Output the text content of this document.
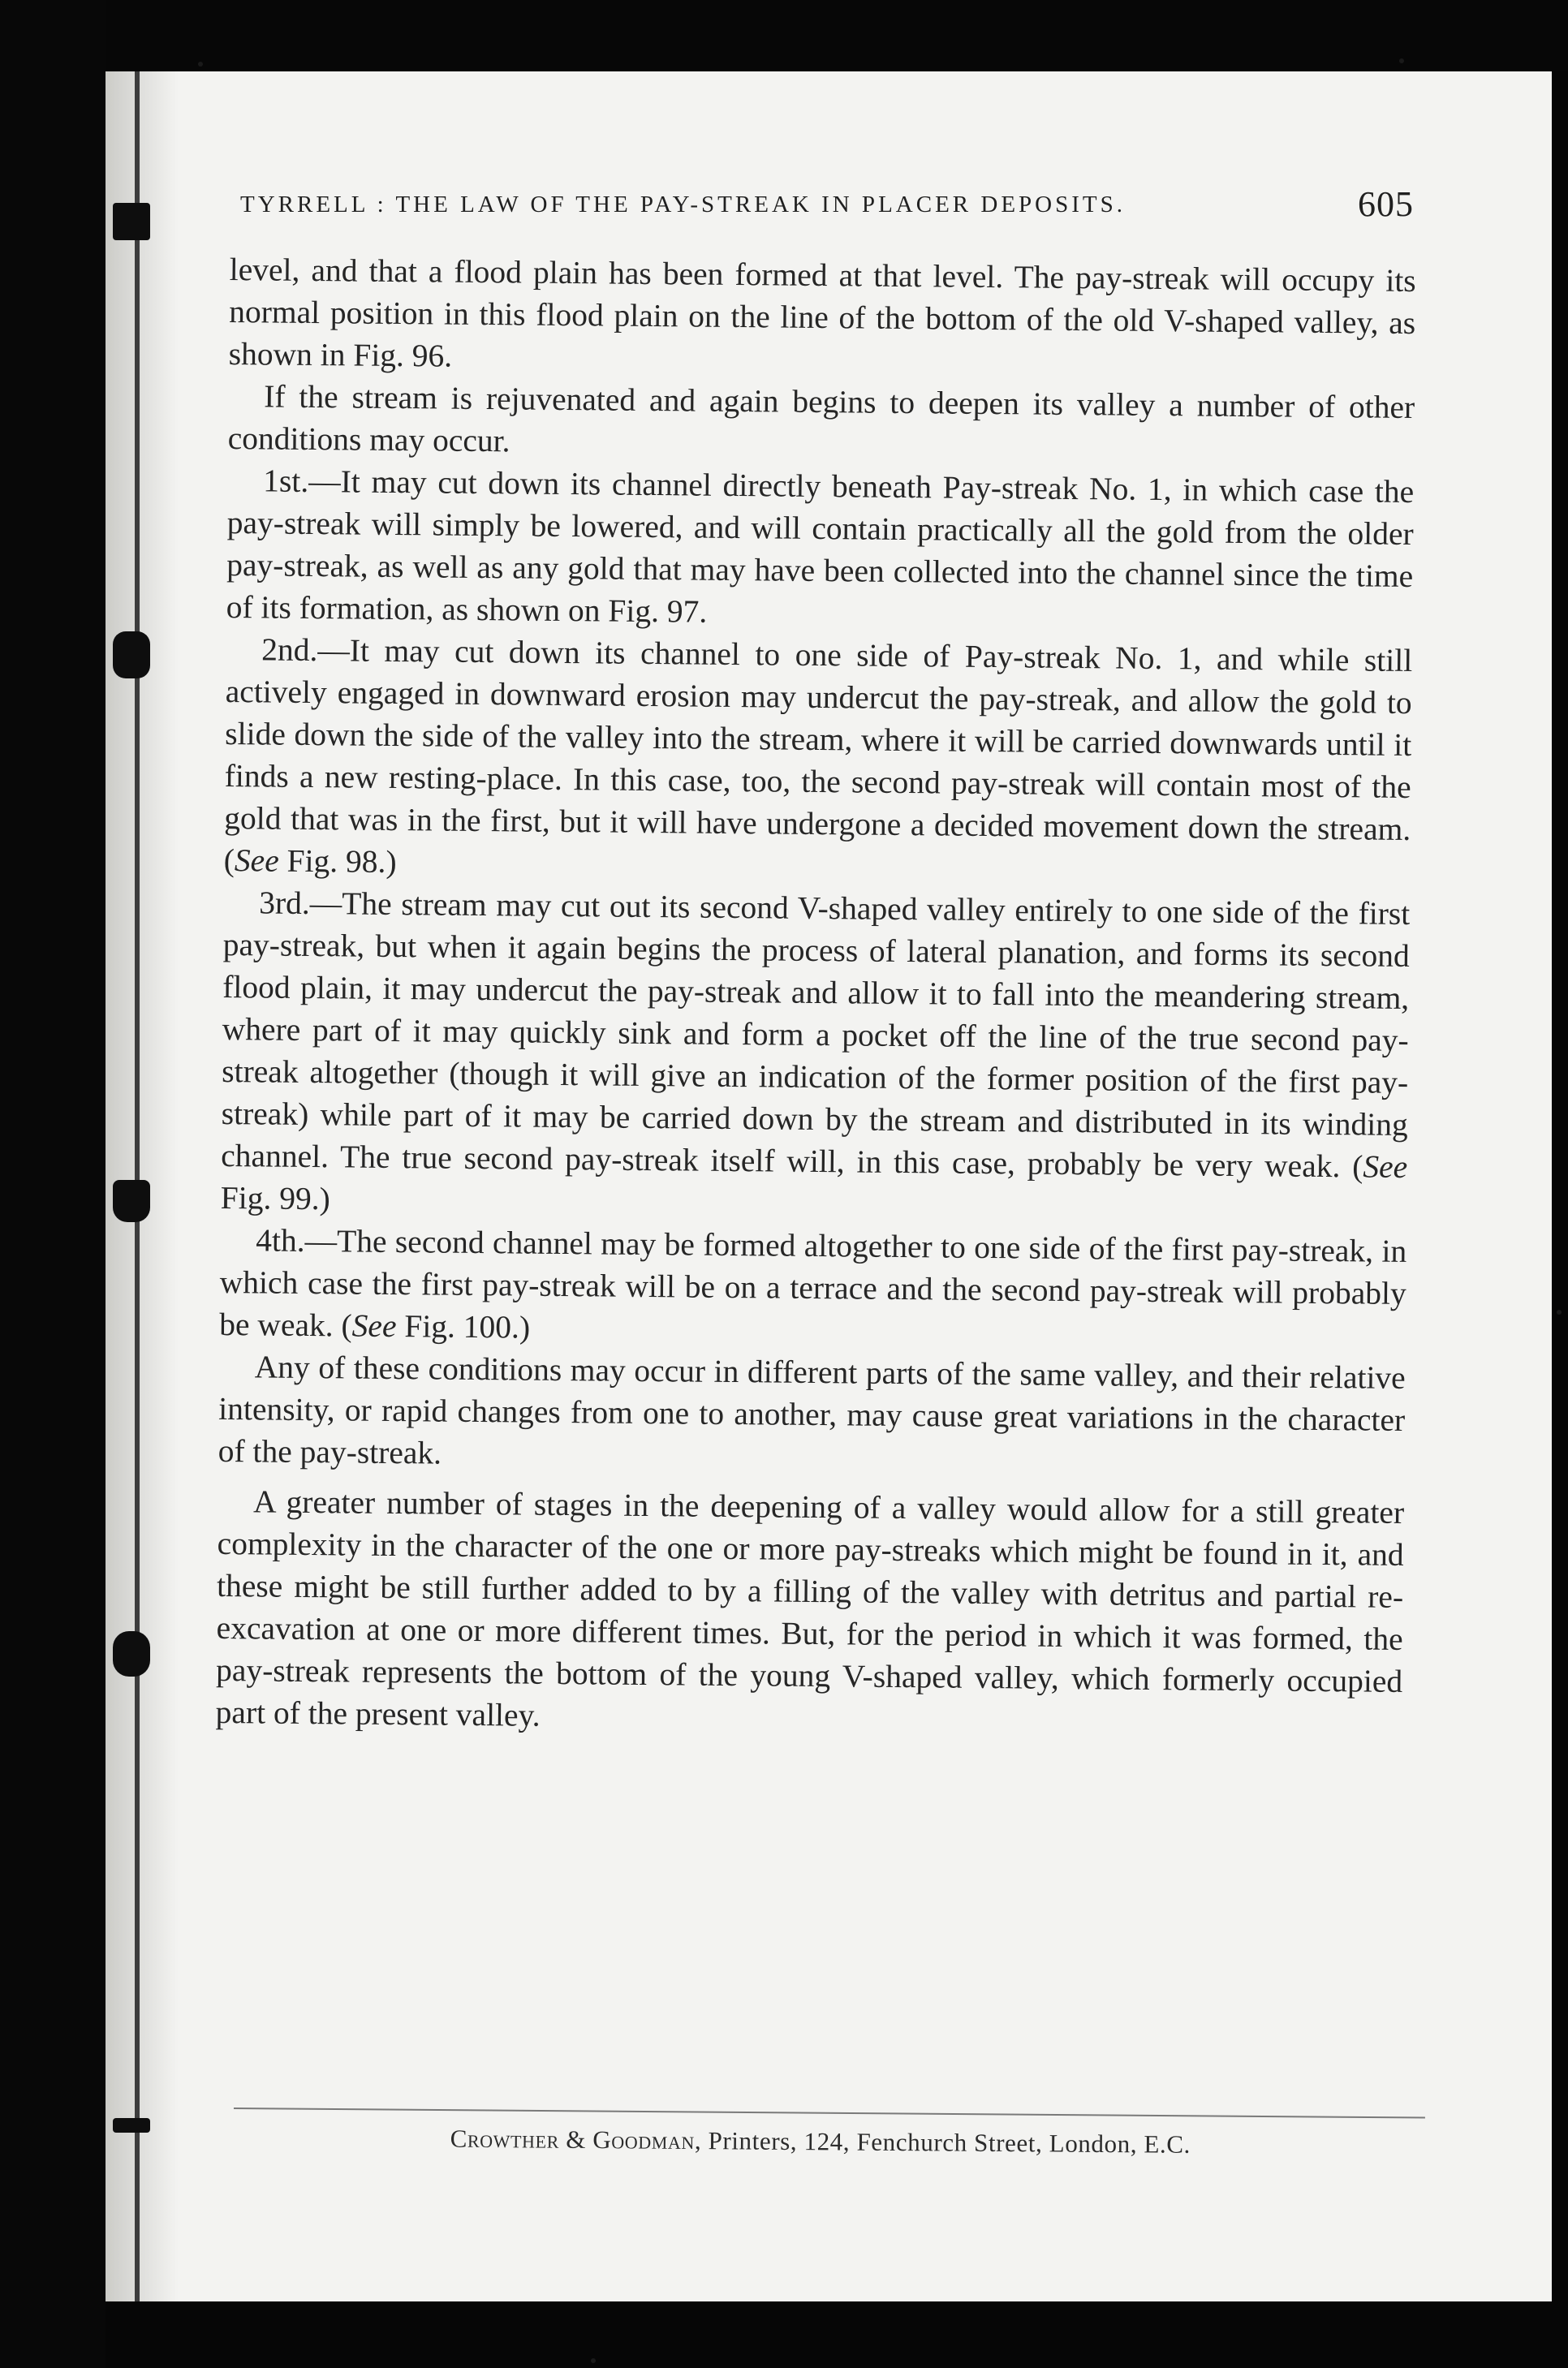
TYRRELL : THE LAW OF THE PAY-STREAK IN PLACER DEPOSITS.	605

level, and that a flood plain has been formed at that level. The pay-streak will occupy its normal position in this flood plain on the line of the bottom of the old V-shaped valley, as shown in Fig. 96.

If the stream is rejuvenated and again begins to deepen its valley a number of other conditions may occur.

1st.—It may cut down its channel directly beneath Pay-streak No. 1, in which case the pay-streak will simply be lowered, and will contain practically all the gold from the older pay-streak, as well as any gold that may have been collected into the channel since the time of its formation, as shown on Fig. 97.

2nd.—It may cut down its channel to one side of Pay-streak No. 1, and while still actively engaged in downward erosion may undercut the pay-streak, and allow the gold to slide down the side of the valley into the stream, where it will be carried downwards until it finds a new resting-place. In this case, too, the second pay-streak will contain most of the gold that was in the first, but it will have undergone a decided movement down the stream. (See Fig. 98.)

3rd.—The stream may cut out its second V-shaped valley entirely to one side of the first pay-streak, but when it again begins the process of lateral planation, and forms its second flood plain, it may undercut the pay-streak and allow it to fall into the meandering stream, where part of it may quickly sink and form a pocket off the line of the true second pay-streak altogether (though it will give an indication of the former position of the first pay-streak) while part of it may be carried down by the stream and distributed in its winding channel. The true second pay-streak itself will, in this case, probably be very weak. (See Fig. 99.)

4th.—The second channel may be formed altogether to one side of the first pay-streak, in which case the first pay-streak will be on a terrace and the second pay-streak will probably be weak. (See Fig. 100.)

Any of these conditions may occur in different parts of the same valley, and their relative intensity, or rapid changes from one to another, may cause great variations in the character of the pay-streak.

A greater number of stages in the deepening of a valley would allow for a still greater complexity in the character of the one or more pay-streaks which might be found in it, and these might be still further added to by a filling of the valley with detritus and partial re-excavation at one or more different times. But, for the period in which it was formed, the pay-streak represents the bottom of the young V-shaped valley, which formerly occupied part of the present valley.

Crowther & Goodman, Printers, 124, Fenchurch Street, London, E.C.
